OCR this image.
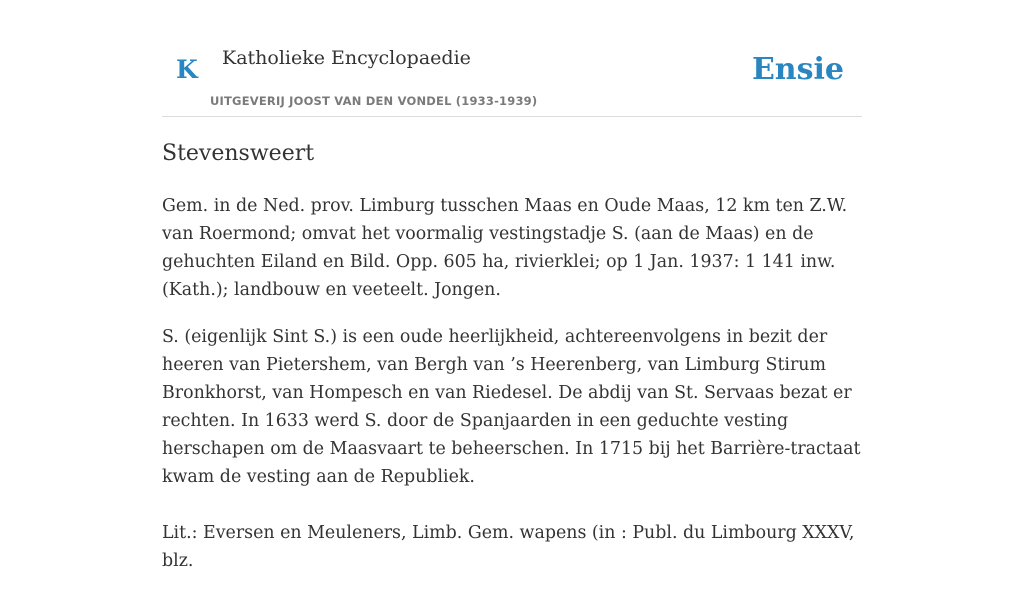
K Katholieke Encyclopaedie
UITGEVERIJ JOOST VAN DEN VONDEL (1933-1939)
Ensie
Stevensweert

Gem. in de Ned. prov. Limburg tusschen Maas en Oude Maas, 12 km ten Z.W. van Roermond; omvat het voormalig vestingstadje S. (aan de Maas) en de gehuchten Eiland en Bild. Opp. 605 ha, rivierklei; op 1 Jan. 1937: 1 141 inw. (Kath.); landbouw en veeteelt. Jongen.

S. (eigenlijk Sint S.) is een oude heerlijkheid, achtereenvolgens in bezit der heeren van Pietershem, van Bergh van ’s Heerenberg, van Limburg Stirum Bronkhorst, van Hompesch en van Riedesel. De abdij van St. Servaas bezat er rechten. In 1633 werd S. door de Spanjaarden in een geduchte vesting herschapen om de Maasvaart te beheerschen. In 1715 bij het Barrière-tractaat kwam de vesting aan de Republiek.

Lit.: Eversen en Meuleners, Limb. Gem. wapens (in : Publ. du Limbourg XXXV, blz.
